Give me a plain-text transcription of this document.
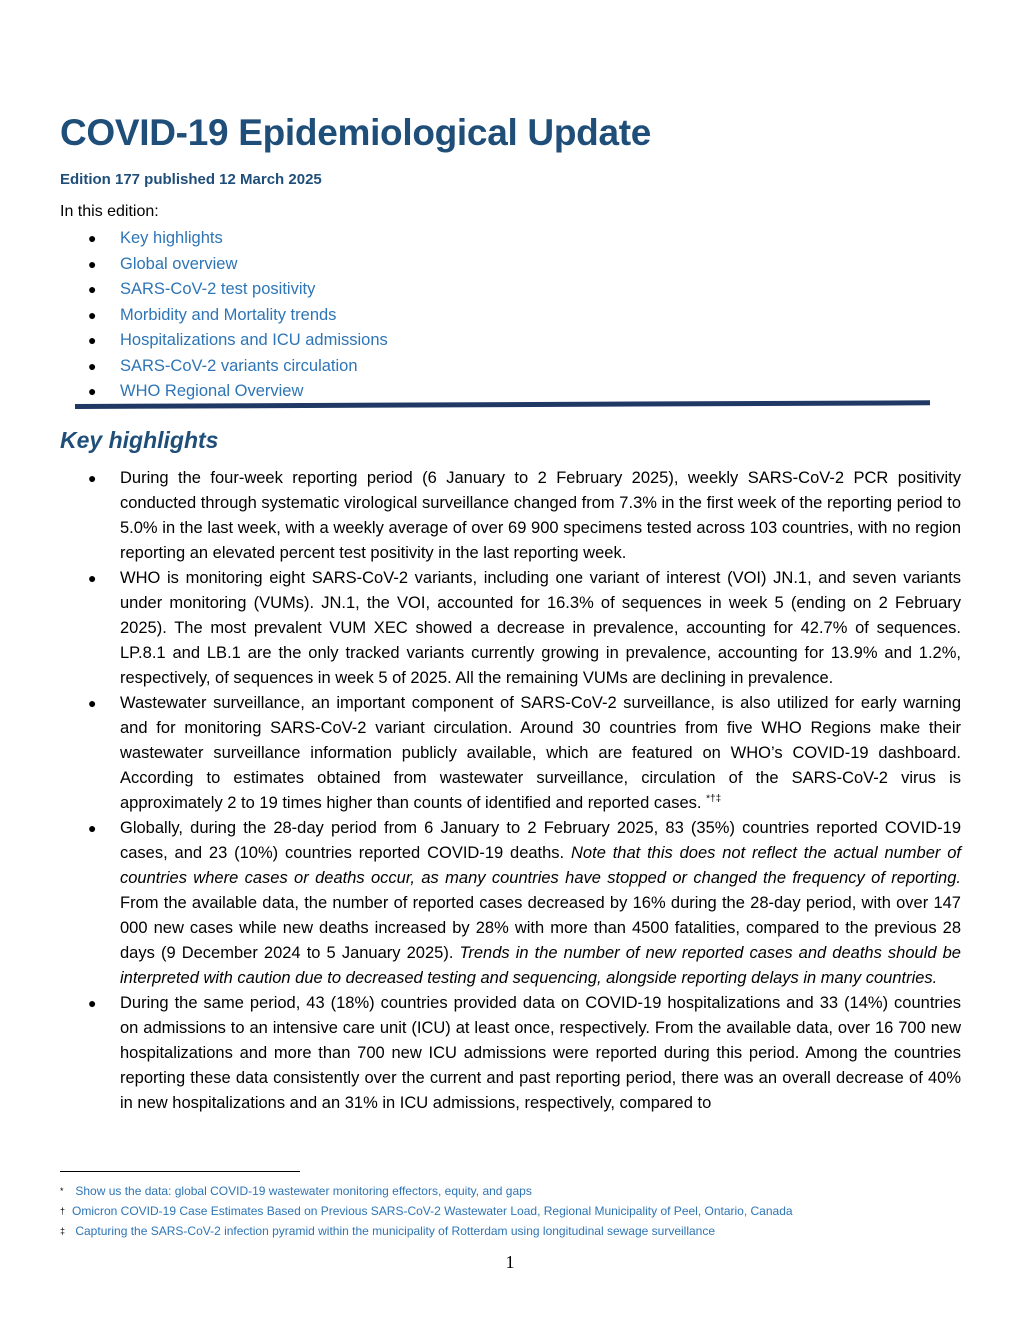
COVID-19 Epidemiological Update

Edition 177 published 12 March 2025

In this edition:

● Key highlights
● Global overview
● SARS-CoV-2 test positivity
● Morbidity and Mortality trends
● Hospitalizations and ICU admissions
● SARS-CoV-2 variants circulation
● WHO Regional Overview
Key highlights
● During the four-week reporting period (6 January to 2 February 2025), weekly SARS-CoV-2 PCR positivity conducted through systematic virological surveillance changed from 7.3% in the first week of the reporting period to 5.0% in the last week, with a weekly average of over 69 900 specimens tested across 103 countries, with no region reporting an elevated percent test positivity in the last reporting week.
● WHO is monitoring eight SARS-CoV-2 variants, including one variant of interest (VOI) JN.1, and seven variants under monitoring (VUMs). JN.1, the VOI, accounted for 16.3% of sequences in week 5 (ending on 2 February 2025). The most prevalent VUM XEC showed a decrease in prevalence, accounting for 42.7% of sequences. LP.8.1 and LB.1 are the only tracked variants currently growing in prevalence, accounting for 13.9% and 1.2%, respectively, of sequences in week 5 of 2025. All the remaining VUMs are declining in prevalence.
● Wastewater surveillance, an important component of SARS-CoV-2 surveillance, is also utilized for early warning and for monitoring SARS-CoV-2 variant circulation. Around 30 countries from five WHO Regions make their wastewater surveillance information publicly available, which are featured on WHO’s COVID-19 dashboard. According to estimates obtained from wastewater surveillance, circulation of the SARS-CoV-2 virus is approximately 2 to 19 times higher than counts of identified and reported cases. *†‡
● Globally, during the 28-day period from 6 January to 2 February 2025, 83 (35%) countries reported COVID-19 cases, and 23 (10%) countries reported COVID-19 deaths. Note that this does not reflect the actual number of countries where cases or deaths occur, as many countries have stopped or changed the frequency of reporting. From the available data, the number of reported cases decreased by 16% during the 28-day period, with over 147 000 new cases while new deaths increased by 28% with more than 4500 fatalities, compared to the previous 28 days (9 December 2024 to 5 January 2025). Trends in the number of new reported cases and deaths should be interpreted with caution due to decreased testing and sequencing, alongside reporting delays in many countries.
● During the same period, 43 (18%) countries provided data on COVID-19 hospitalizations and 33 (14%) countries on admissions to an intensive care unit (ICU) at least once, respectively. From the available data, over 16 700 new hospitalizations and more than 700 new ICU admissions were reported during this period. Among the countries reporting these data consistently over the current and past reporting period, there was an overall decrease of 40% in new hospitalizations and an 31% in ICU admissions, respectively, compared to
* Show us the data: global COVID-19 wastewater monitoring effectors, equity, and gaps
† Omicron COVID-19 Case Estimates Based on Previous SARS-CoV-2 Wastewater Load, Regional Municipality of Peel, Ontario, Canada
‡ Capturing the SARS-CoV-2 infection pyramid within the municipality of Rotterdam using longitudinal sewage surveillance

1
